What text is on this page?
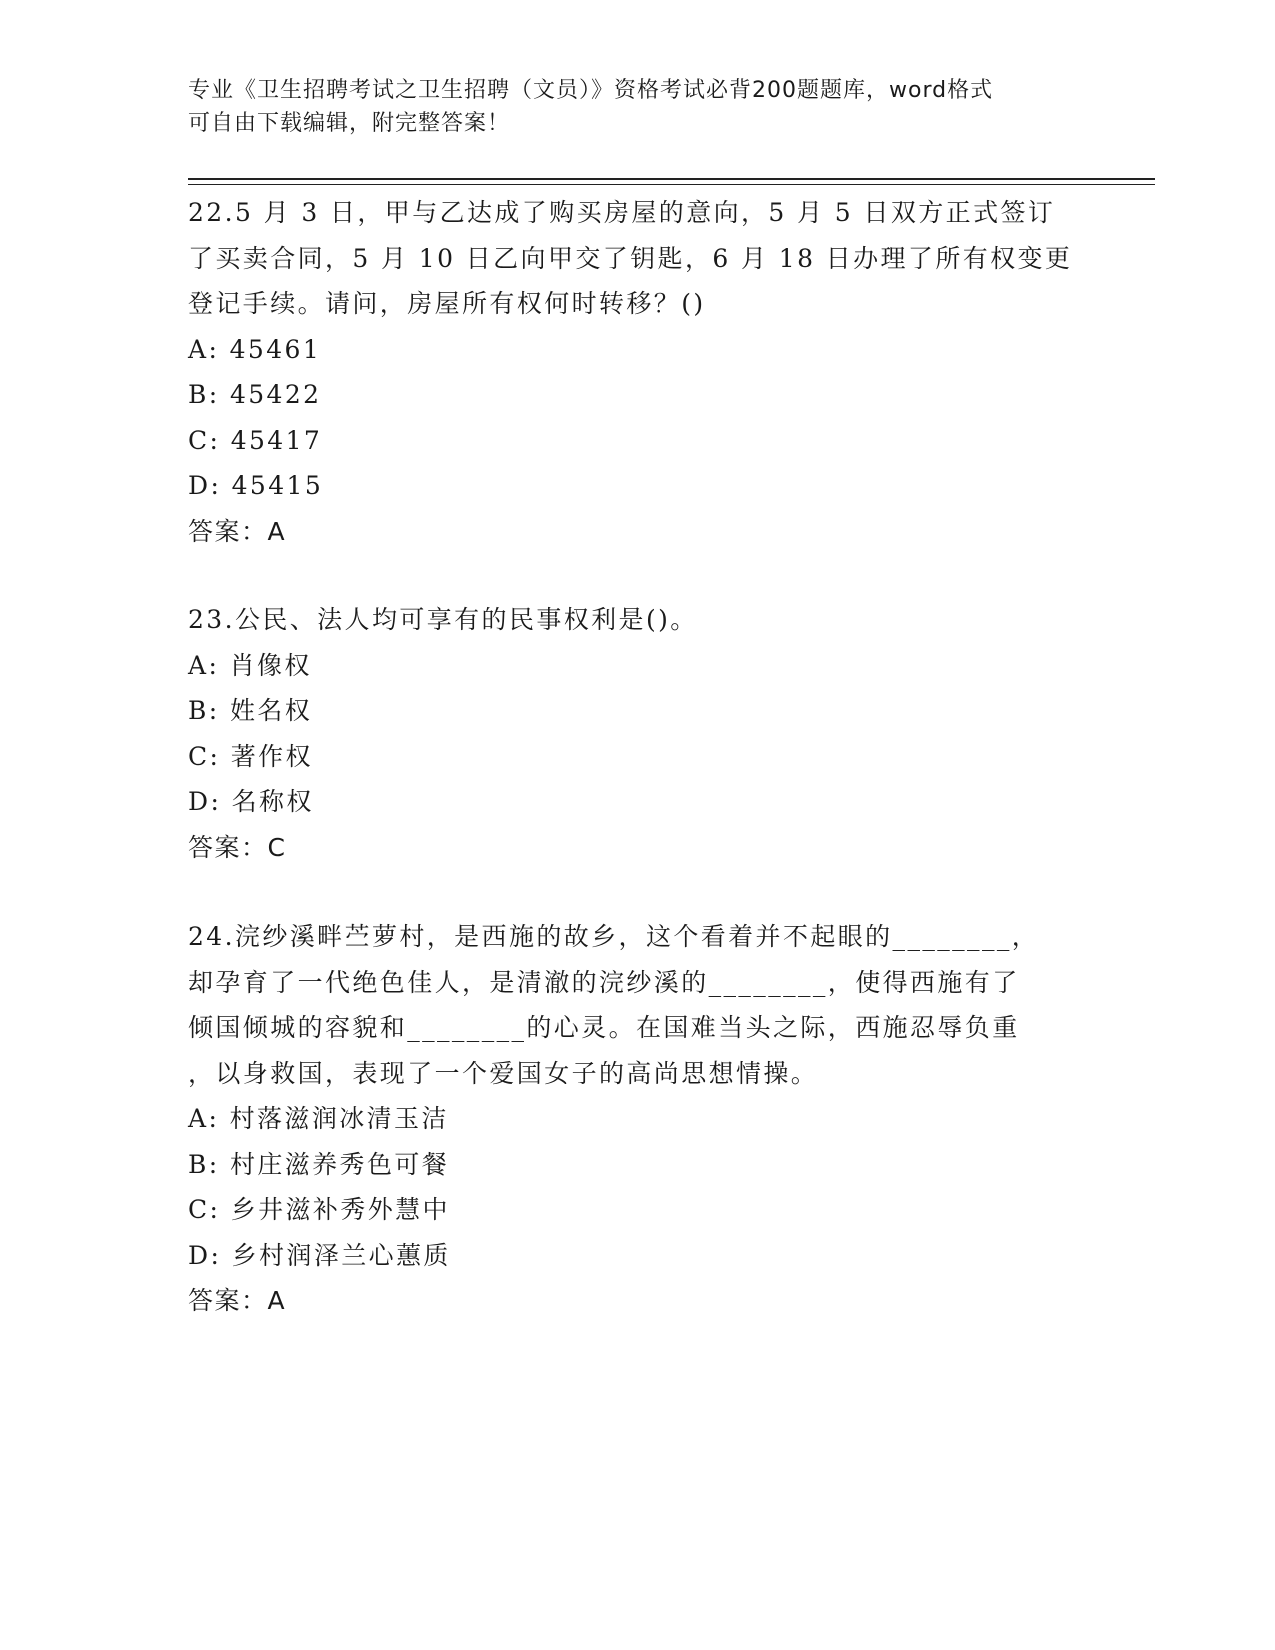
专业《卫生招聘考试之卫生招聘（文员）》资格考试必背200题题库，word格式
可自由下载编辑，附完整答案！
22.5 月 3 日，甲与乙达成了购买房屋的意向，5 月 5 日双方正式签订
了买卖合同，5 月 10 日乙向甲交了钥匙，6 月 18 日办理了所有权变更
登记手续。请问，房屋所有权何时转移？()
A: 45461
B: 45422
C: 45417
D: 45415
答案：A
23.公民、法人均可享有的民事权利是()。
A: 肖像权
B: 姓名权
C: 著作权
D: 名称权
答案：C
24.浣纱溪畔苎萝村，是西施的故乡，这个看着并不起眼的________，
却孕育了一代绝色佳人，是清澈的浣纱溪的________，使得西施有了
倾国倾城的容貌和________的心灵。在国难当头之际，西施忍辱负重
，以身救国，表现了一个爱国女子的高尚思想情操。
A: 村落滋润冰清玉洁
B: 村庄滋养秀色可餐
C: 乡井滋补秀外慧中
D: 乡村润泽兰心蕙质
答案：A
